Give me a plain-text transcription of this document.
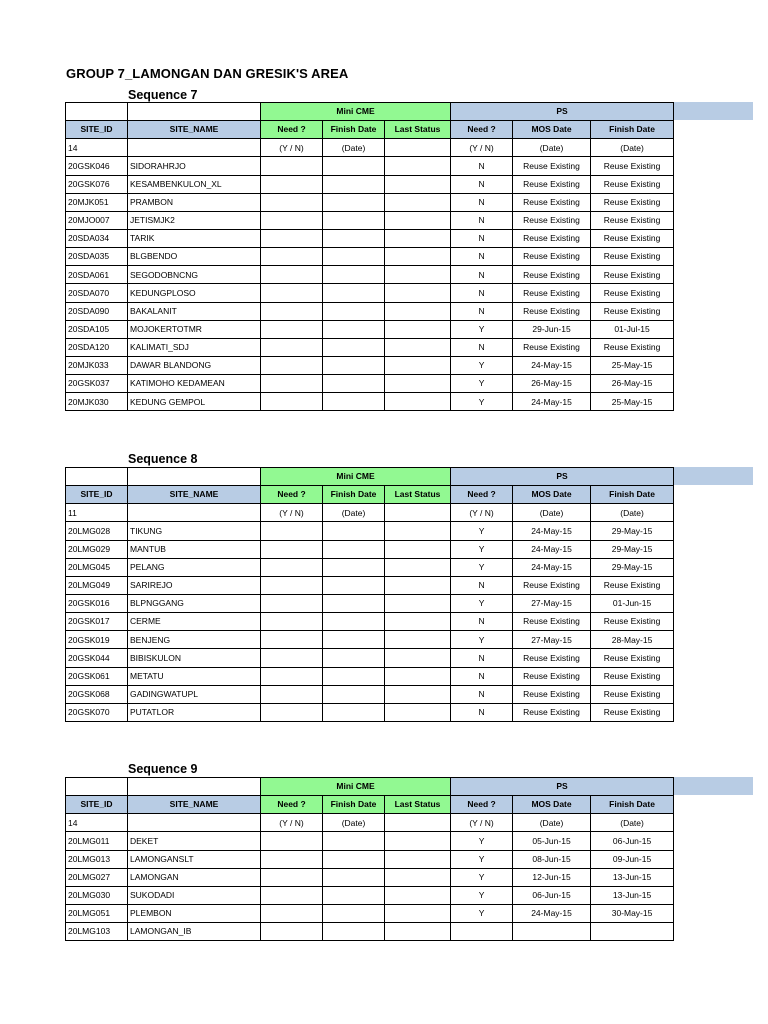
GROUP 7_LAMONGAN DAN GRESIK'S AREA
Sequence 7
		Mini CME			PS		
SITE_ID	SITE_NAME	Need ?	Finish Date	Last Status	Need ?	MOS Date	Finish Date
14		(Y / N)	(Date)		(Y / N)	(Date)	(Date)
20GSK046	SIDORAHRJO				N	Reuse Existing	Reuse Existing
20GSK076	KESAMBENKULON_XL				N	Reuse Existing	Reuse Existing
20MJK051	PRAMBON				N	Reuse Existing	Reuse Existing
20MJO007	JETISMJK2				N	Reuse Existing	Reuse Existing
20SDA034	TARIK				N	Reuse Existing	Reuse Existing
20SDA035	BLGBENDO				N	Reuse Existing	Reuse Existing
20SDA061	SEGODOBNCNG				N	Reuse Existing	Reuse Existing
20SDA070	KEDUNGPLOSO				N	Reuse Existing	Reuse Existing
20SDA090	BAKALANIT				N	Reuse Existing	Reuse Existing
20SDA105	MOJOKERTOTMR				Y	29-Jun-15	01-Jul-15
20SDA120	KALIMATI_SDJ				N	Reuse Existing	Reuse Existing
20MJK033	DAWAR BLANDONG				Y	24-May-15	25-May-15
20GSK037	KATIMOHO KEDAMEAN				Y	26-May-15	26-May-15
20MJK030	KEDUNG GEMPOL				Y	24-May-15	25-May-15
Sequence 8
		Mini CME			PS		
SITE_ID	SITE_NAME	Need ?	Finish Date	Last Status	Need ?	MOS Date	Finish Date
11		(Y / N)	(Date)		(Y / N)	(Date)	(Date)
20LMG028	TIKUNG				Y	24-May-15	29-May-15
20LMG029	MANTUB				Y	24-May-15	29-May-15
20LMG045	PELANG				Y	24-May-15	29-May-15
20LMG049	SARIREJO				N	Reuse Existing	Reuse Existing
20GSK016	BLPNGGANG				Y	27-May-15	01-Jun-15
20GSK017	CERME				N	Reuse Existing	Reuse Existing
20GSK019	BENJENG				Y	27-May-15	28-May-15
20GSK044	BIBISKULON				N	Reuse Existing	Reuse Existing
20GSK061	METATU				N	Reuse Existing	Reuse Existing
20GSK068	GADINGWATUPL				N	Reuse Existing	Reuse Existing
20GSK070	PUTATLOR				N	Reuse Existing	Reuse Existing
Sequence 9
		Mini CME			PS		
SITE_ID	SITE_NAME	Need ?	Finish Date	Last Status	Need ?	MOS Date	Finish Date
14		(Y / N)	(Date)		(Y / N)	(Date)	(Date)
20LMG011	DEKET				Y	05-Jun-15	06-Jun-15
20LMG013	LAMONGANSLT				Y	08-Jun-15	09-Jun-15
20LMG027	LAMONGAN				Y	12-Jun-15	13-Jun-15
20LMG030	SUKODADI				Y	06-Jun-15	13-Jun-15
20LMG051	PLEMBON				Y	24-May-15	30-May-15
20LMG103	LAMONGAN_IB						
